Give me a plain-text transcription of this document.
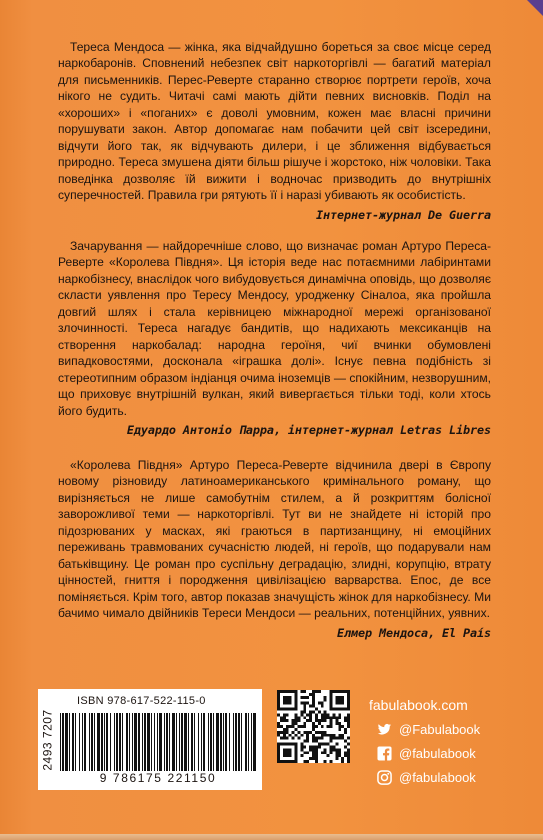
Тереса Мендоса — жінка, яка відчайдушно бореться за своє місце серед наркобаронів. Сповнений небезпек світ наркоторгівлі — багатий матеріал для письменників. Перес-Реверте старанно створює портрети героїв, хоча нікого не судить. Читачі самі мають дійти певних висновків. Поділ на «хороших» і «поганих» є доволі умовним, кожен має власні причини порушувати закон. Автор допомагає нам побачити цей світ ізсередини, відчути його так, як відчувають дилери, і це зближення відбувається природно. Тереса змушена діяти більш рішуче і жорстоко, ніж чоловіки. Така поведінка дозволяє їй вижити і водночас призводить до внутрішніх суперечностей. Правила гри рятують її і наразі убивають як особистість.

Інтернет-журнал De Guerra

Зачарування — найдоречніше слово, що визначає роман Артуро Переса-Реверте «Королева Півдня». Ця історія веде нас потаємними лабіринтами наркобізнесу, внаслідок чого вибудовується динамічна оповідь, що дозволяє скласти уявлення про Тересу Мендосу, уродженку Сінaлоа, яка пройшла довгий шлях і стала керівницею міжнародної мережі організованої злочинності. Тереса нагадує бандитів, що надихають мексиканців на створення наркобалад: народна героїня, чиї вчинки обумовлені випадковостями, досконала «іграшка долі». Існує певна подібність зі стереотипним образом індіанця очима іноземців — спокійним, незворушним, що приховує внутрішній вулкан, який вивергається тільки тоді, коли хтось його будить.

Едуардо Антоніо Парра, інтернет-журнал Letras Libres

«Королева Півдня» Артуро Переса-Реверте відчинила двері в Європу новому різновиду латиноамериканського кримінального роману, що вирізняється не лише самобутнім стилем, а й розкриттям болісної заворожливої теми — наркоторгівлі. Тут ви не знайдете ні історій про підозрюваних у масках, які граються в партизанщину, ні емоційних переживань травмованих сучасністю людей, ні героїв, що подарували нам батьківщину. Це роман про суспільну деградацію, злидні, корупцію, втрату цінностей, гниття і породження цивілізацією варварства. Епос, де все поміняється. Крім того, автор показав значущість жінок для наркобізнесу. Ми бачимо чимало двійників Тереси Мендоси — реальних, потенційних, уявних.

Елмер Мендоса, El País
2493 7207
ISBN 978-617-522-115-0
9 786175 221150
fabulabook.com
@Fabulabook
@fabulabook
@fabulabook
